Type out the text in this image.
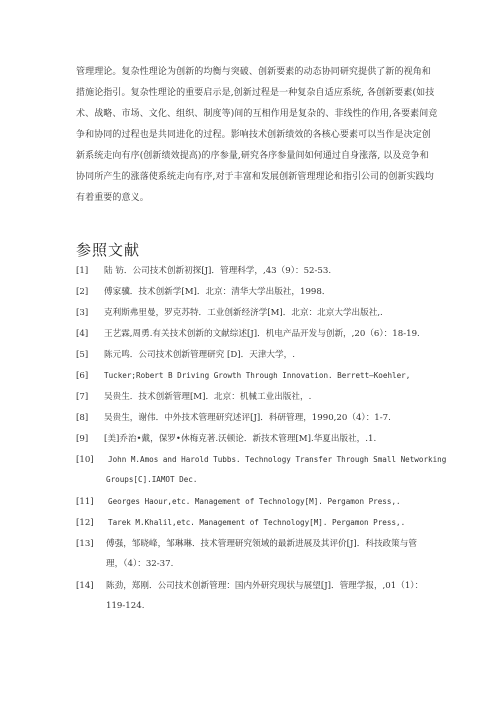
管理理论。复杂性理论为创新的均衡与突破、创新要素的动态协同研究提供了新的视角和
措施论指引。复杂性理论的重要启示是,创新过程是一种复杂自适应系统, 各创新要素(如技
术、战略、市场、文化、组织、制度等)间的互相作用是复杂的、非线性的作用,各要素间竞
争和协同的过程也是共同进化的过程。影响技术创新绩效的各核心要素可以当作是决定创
新系统走向有序(创新绩效提高)的序参量,研究各序参量间如何通过自身涨落, 以及竞争和
协同所产生的涨落使系统走向有序,对于丰富和发展创新管理理论和指引公司的创新实践均
有着重要的意义。
参照文献
[1]	陆 钫．公司技术创新初探[J]．管理科学，,43（9）：52-53.
[2]	傅家骥．技术创新学[M]．北京：清华大学出版社，1998．
[3]	克利斯弗里曼，罗克苏特．工业创新经济学[M]．北京：北京大学出版社,.
[4]	王艺霖,周勇.有关技术创新的文献综述[J]．机电产品开发与创新，,20（6）：18-19.
[5]	陈元鸣．公司技术创新管理研究 [D]．天津大学，.
[6]	Tucker;Robert B Driving Growth Through Innovation. Berrett—Koehler,
[7]	吴贵生．技术创新管理[M]．北京：机械工业出版社，.
[8]	吴贵生，谢伟．中外技术管理研究述评[J]．科研管理，1990,20（4）：1-7.
[9]	[美]乔治•戴，保罗•休梅克著.沃顿论．新技术管理[M].华夏出版社，.1.
[10]	John M.Amos and Harold Tubbs. Technology Transfer Through Small Networking
Groups[C].IAMOT Dec.
[11]	Georges Haour,etc. Management of Technology[M]. Pergamon Press,.
[12]	Tarek M.Khalil,etc. Management of Technology[M]. Pergamon Press,.
[13]	傅强，邹晓峰，邹琳琳．技术管理研究领域的最新进展及其评价[J]．科技政策与管
理，（4）：32-37.
[14]	陈劲，郑刚．公司技术创新管理：国内外研究现状与展望[J]．管理学报，,01（1）：
119-124.
